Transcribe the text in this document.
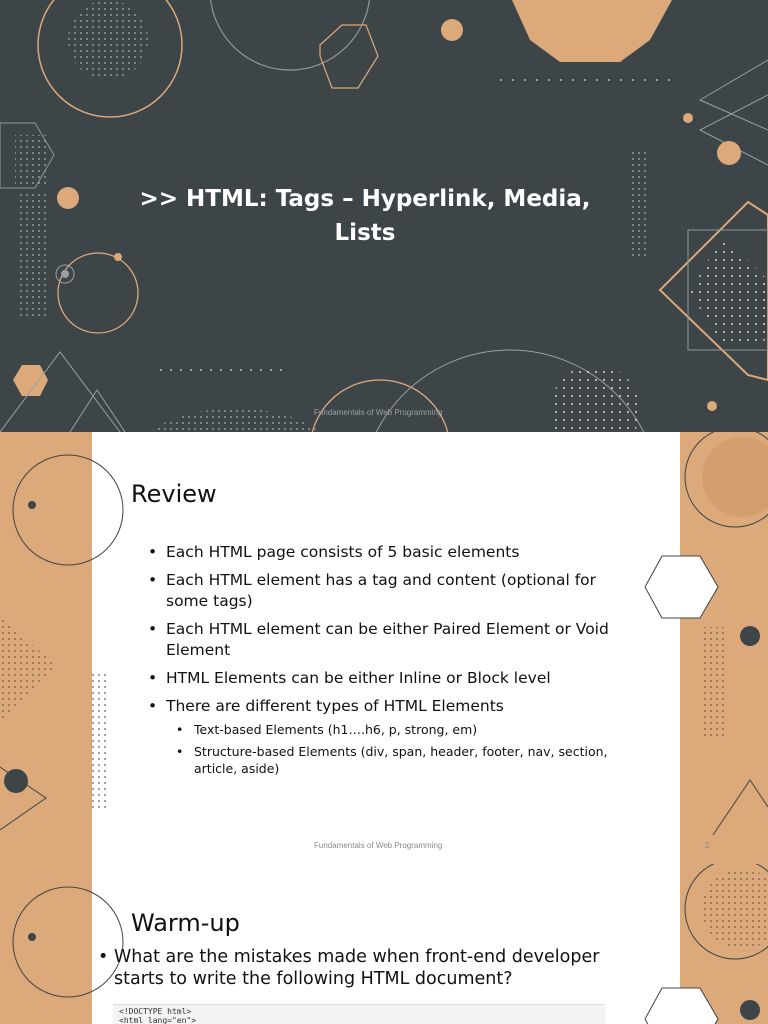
>> HTML: Tags – Hyperlink, Media, Lists
Fundamentals of Web Programming
Review
• Each HTML page consists of 5 basic elements
• Each HTML element has a tag and content (optional for some tags)
• Each HTML element can be either Paired Element or Void Element
• HTML Elements can be either Inline or Block level
• There are different types of HTML Elements
• Text-based Elements (h1….h6, p, strong, em)
• Structure-based Elements (div, span, header, footer, nav, section, article, aside)
Fundamentals of Web Programming	2
Warm-up
• What are the mistakes made when front-end developer starts to write the following HTML document?
<!DOCTYPE html>
<html lang="en">
